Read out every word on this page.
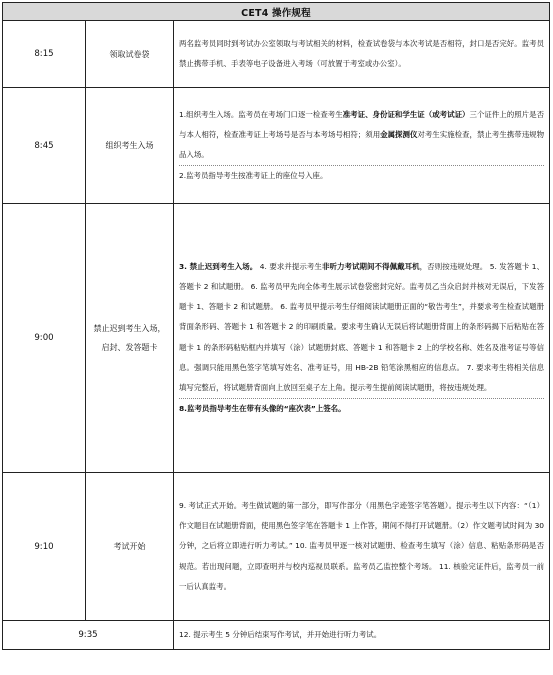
CET4 操作规程		
8:15	领取试卷袋	两名监考员同时到考试办公室领取与考试相关的材料，检查试卷袋与本次考试是否相符，封口是否完好。监考员禁止携带手机、手表等电子设备进入考场（可放置于考室或办公室）。

8:45	组织考生入场	1.组织考生入场。监考员在考场门口逐一检查考生准考证、身份证和学生证（或考试证）三个证件上的照片是否与本人相符，检查准考证上考场号是否与本考场号相符；须用金属探测仪对考生实施检查，禁止考生携带违规物品入场。

2.监考员指导考生按准考证上的座位号入座。

9:00	禁止迟到考生入场，启封、发答题卡	3. 禁止迟到考生入场。 4. 要求并提示考生非听力考试期间不得佩戴耳机，否则按违规处理。 5. 发答题卡 1、答题卡 2 和试题册。 6. 监考员甲先向全体考生展示试卷袋密封完好。监考员乙当众启封并核对无误后，下发答题卡 1、答题卡 2 和试题册。 6. 监考员甲提示考生仔细阅读试题册正面的“敬告考生”，并要求考生检查试题册背面条形码、答题卡 1 和答题卡 2 的印刷质量。要求考生确认无误后将试题册背面上的条形码揭下后粘贴在答题卡 1 的条形码粘贴框内并填写（涂）试题册封底、答题卡 1 和答题卡 2 上的学校名称、姓名及准考证号等信息。强调只能用黑色签字笔填写姓名、准考证号，用 HB-2B 铅笔涂黑相应的信息点。 7. 要求考生将相关信息填写完整后，将试题册背面向上放回至桌子左上角。提示考生提前阅读试题册，将按违规处理。

8.监考员指导考生在带有头像的“座次表”上签名。

9:10	考试开始	9. 考试正式开始。考生做试题的第一部分，即写作部分（用黑色字迹签字笔答题）。提示考生以下内容：“（1）作文题目在试题册背面，使用黑色签字笔在答题卡 1 上作答，期间不得打开试题册。（2）作文题考试时间为 30分钟，之后将立即进行听力考试。” 10. 监考员甲逐一核对试题册、检查考生填写（涂）信息、粘贴条形码是否规范。若出现问题，立即查明并与校内巡视员联系。监考员乙监控整个考场。 11. 核验完证件后，监考员一前一后认真监考。

9:35		12. 提示考生 5 分钟后结束写作考试，并开始进行听力考试。
